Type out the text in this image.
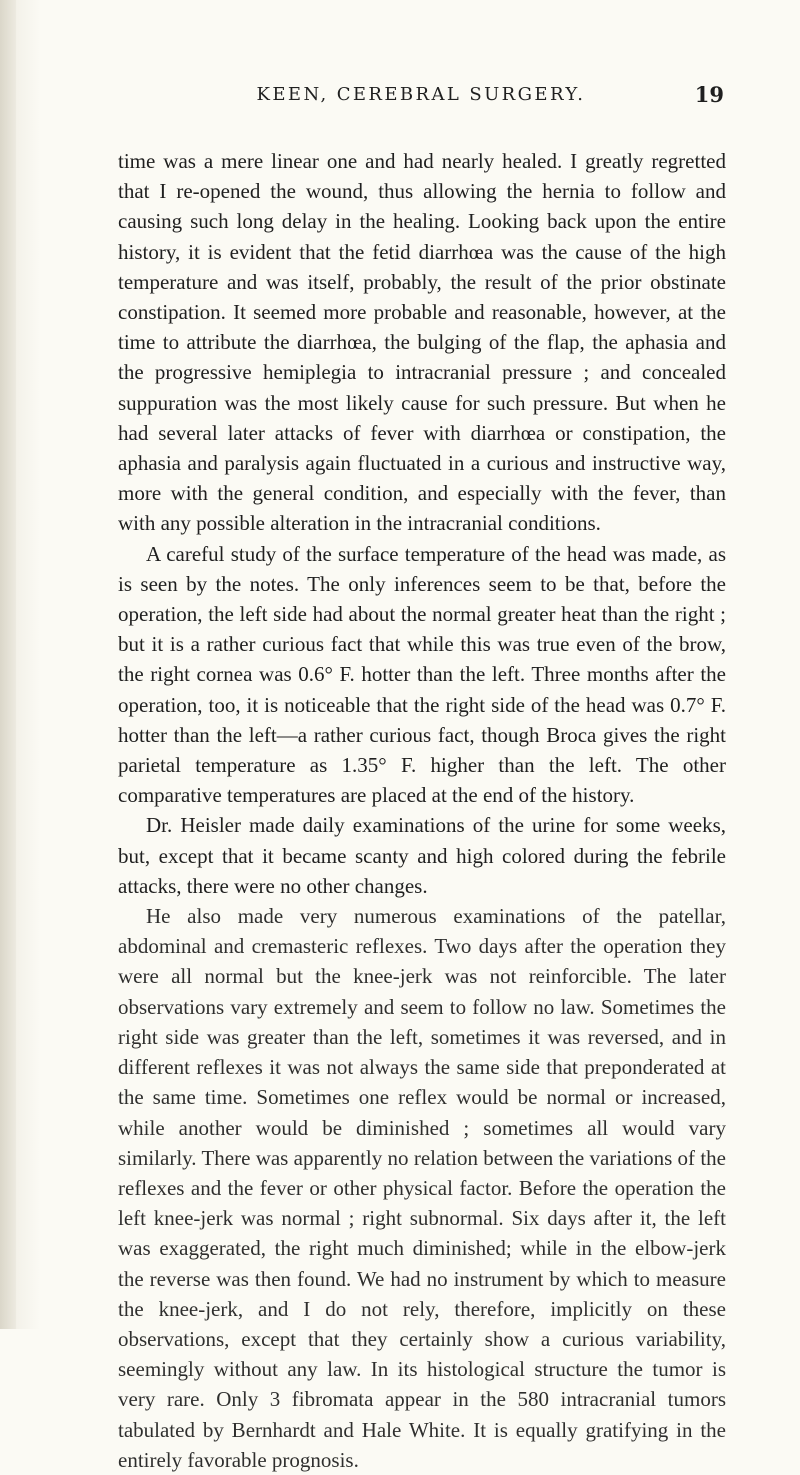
KEEN, CEREBRAL SURGERY.	19

time was a mere linear one and had nearly healed. I greatly regretted that I re-opened the wound, thus allowing the hernia to follow and causing such long delay in the healing. Looking back upon the entire history, it is evident that the fetid diarrhœa was the cause of the high temperature and was itself, probably, the result of the prior obstinate constipation. It seemed more probable and reasonable, however, at the time to attribute the diarrhœa, the bulging of the flap, the aphasia and the progressive hemiplegia to intracranial pressure ; and concealed suppuration was the most likely cause for such pressure. But when he had several later attacks of fever with diarrhœa or constipation, the aphasia and paralysis again fluctuated in a curious and instructive way, more with the general condition, and especially with the fever, than with any possible alteration in the intracranial conditions.

A careful study of the surface temperature of the head was made, as is seen by the notes. The only inferences seem to be that, before the operation, the left side had about the normal greater heat than the right ; but it is a rather curious fact that while this was true even of the brow, the right cornea was 0.6° F. hotter than the left. Three months after the operation, too, it is noticeable that the right side of the head was 0.7° F. hotter than the left—a rather curious fact, though Broca gives the right parietal temperature as 1.35° F. higher than the left. The other comparative temperatures are placed at the end of the history.

Dr. Heisler made daily examinations of the urine for some weeks, but, except that it became scanty and high colored during the febrile attacks, there were no other changes.

He also made very numerous examinations of the patellar, abdominal and cremasteric reflexes. Two days after the operation they were all normal but the knee-jerk was not reinforcible. The later observations vary extremely and seem to follow no law. Sometimes the right side was greater than the left, sometimes it was reversed, and in different reflexes it was not always the same side that preponderated at the same time. Sometimes one reflex would be normal or increased, while another would be diminished ; sometimes all would vary similarly. There was apparently no relation between the variations of the reflexes and the fever or other physical factor. Before the operation the left knee-jerk was normal ; right subnormal. Six days after it, the left was exaggerated, the right much diminished; while in the elbow-jerk the reverse was then found. We had no instrument by which to measure the knee-jerk, and I do not rely, therefore, implicitly on these observations, except that they certainly show a curious variability, seemingly without any law. In its histological structure the tumor is very rare. Only 3 fibromata appear in the 580 intracranial tumors tabulated by Bernhardt and Hale White. It is equally gratifying in the entirely favorable prognosis.
